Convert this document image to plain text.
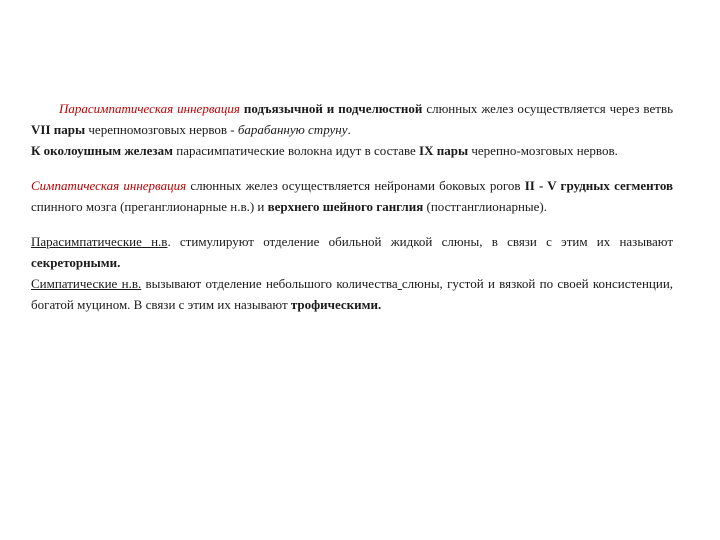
Парасимпатическая иннервация подъязычной и подчелюстной слюнных желез осуществляется через ветвь VII пары черепномозговых нервов - барабанную струну.

К околоушным железам парасимпатические волокна идут в составе IX пары черепно-мозговых нервов.

Симпатическая иннервация слюнных желез осуществляется нейронами боковых рогов II - V грудных сегментов спинного мозга (преганглионарные н.в.) и верхнего шейного ганглия (постганглионарные).

Парасимпатические н.в. стимулируют отделение обильной жидкой слюны, в связи с этим их называют секреторными.

Симпатические н.в. вызывают отделение небольшого количества слюны, густой и вязкой по своей консистенции, богатой муцином. В связи с этим их называют трофическими.
